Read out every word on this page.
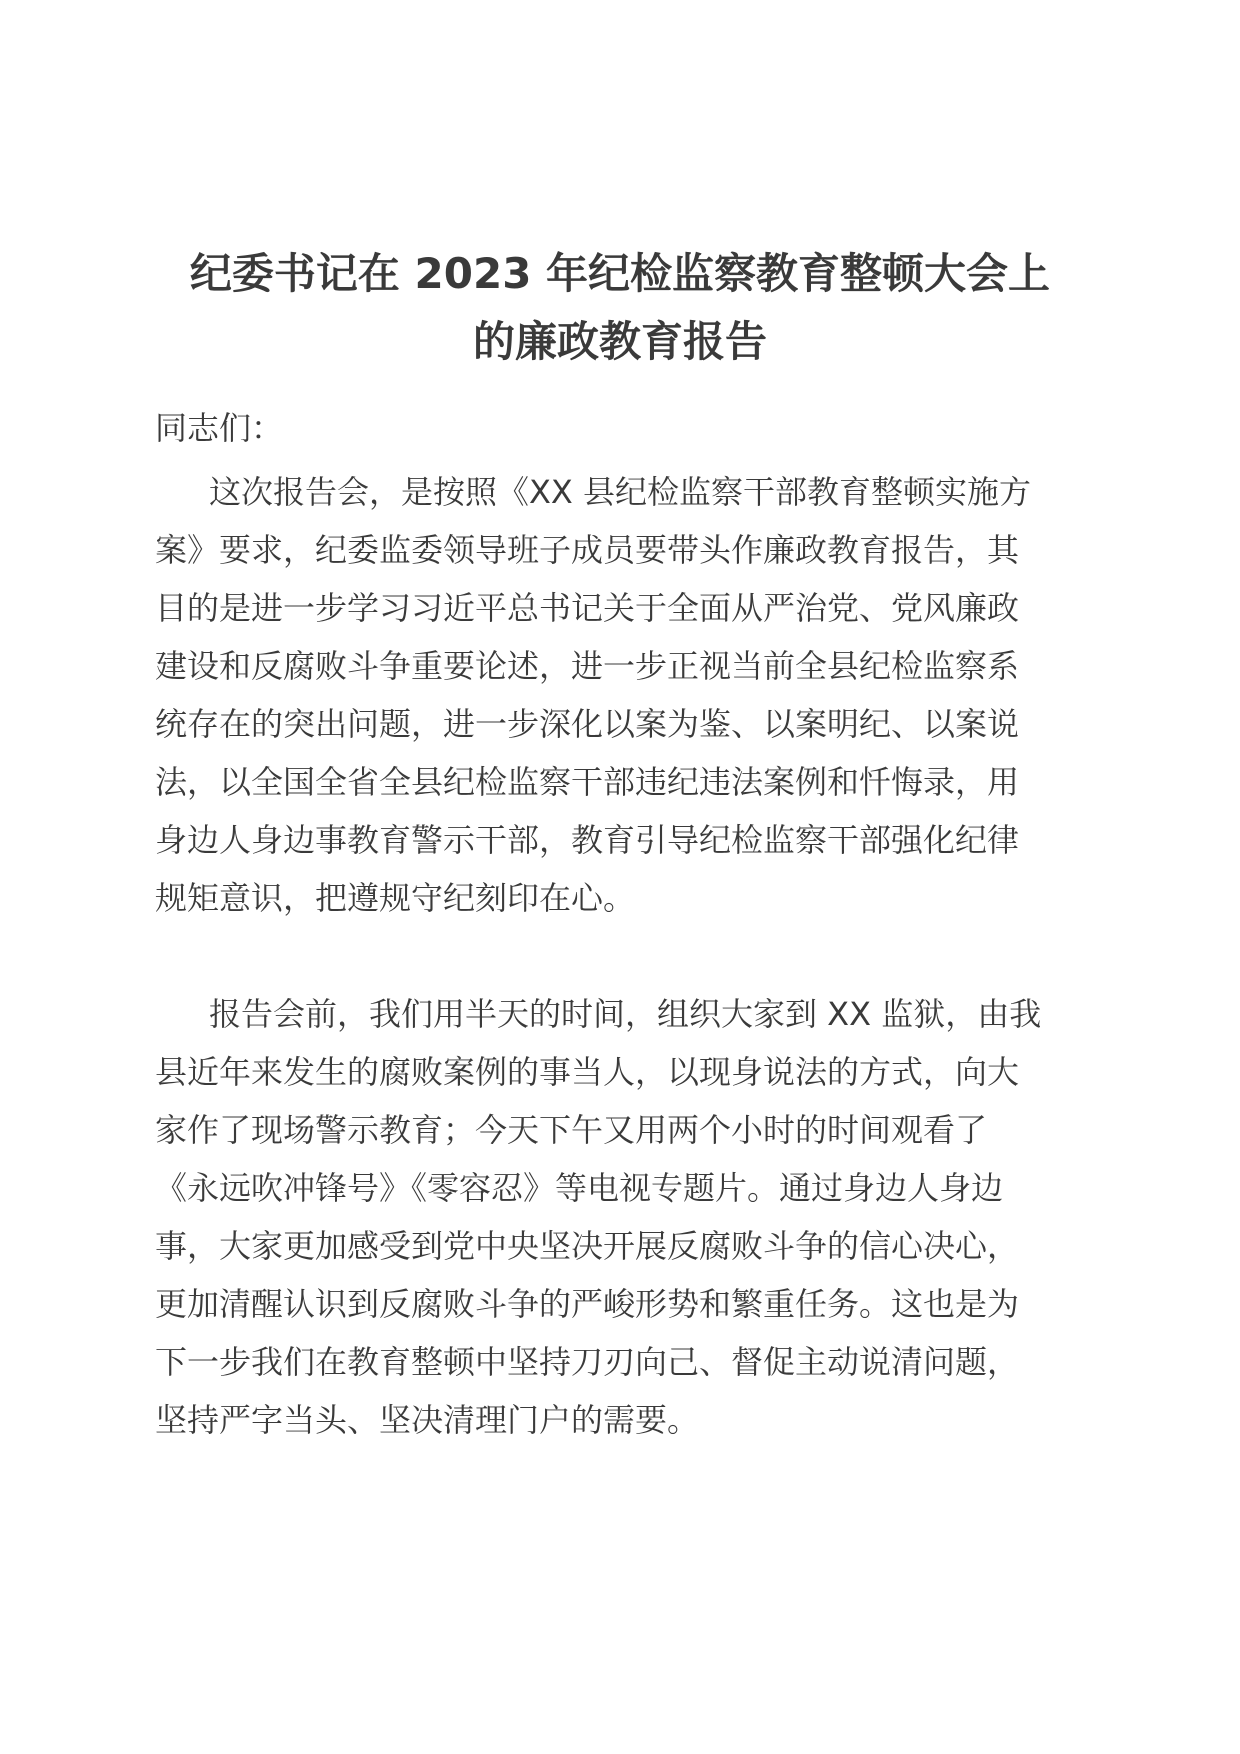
纪委书记在 2023 年纪检监察教育整顿大会上
的廉政教育报告
同志们：
这次报告会，是按照《XX 县纪检监察干部教育整顿实施方
案》要求，纪委监委领导班子成员要带头作廉政教育报告，其
目的是进一步学习习近平总书记关于全面从严治党、党风廉政
建设和反腐败斗争重要论述，进一步正视当前全县纪检监察系
统存在的突出问题，进一步深化以案为鉴、以案明纪、以案说
法，以全国全省全县纪检监察干部违纪违法案例和忏悔录，用
身边人身边事教育警示干部，教育引导纪检监察干部强化纪律
规矩意识，把遵规守纪刻印在心。
报告会前，我们用半天的时间，组织大家到 XX 监狱，由我
县近年来发生的腐败案例的事当人，以现身说法的方式，向大
家作了现场警示教育；今天下午又用两个小时的时间观看了
《永远吹冲锋号》《零容忍》等电视专题片。通过身边人身边
事，大家更加感受到党中央坚决开展反腐败斗争的信心决心，
更加清醒认识到反腐败斗争的严峻形势和繁重任务。这也是为
下一步我们在教育整顿中坚持刀刃向己、督促主动说清问题，
坚持严字当头、坚决清理门户的需要。
